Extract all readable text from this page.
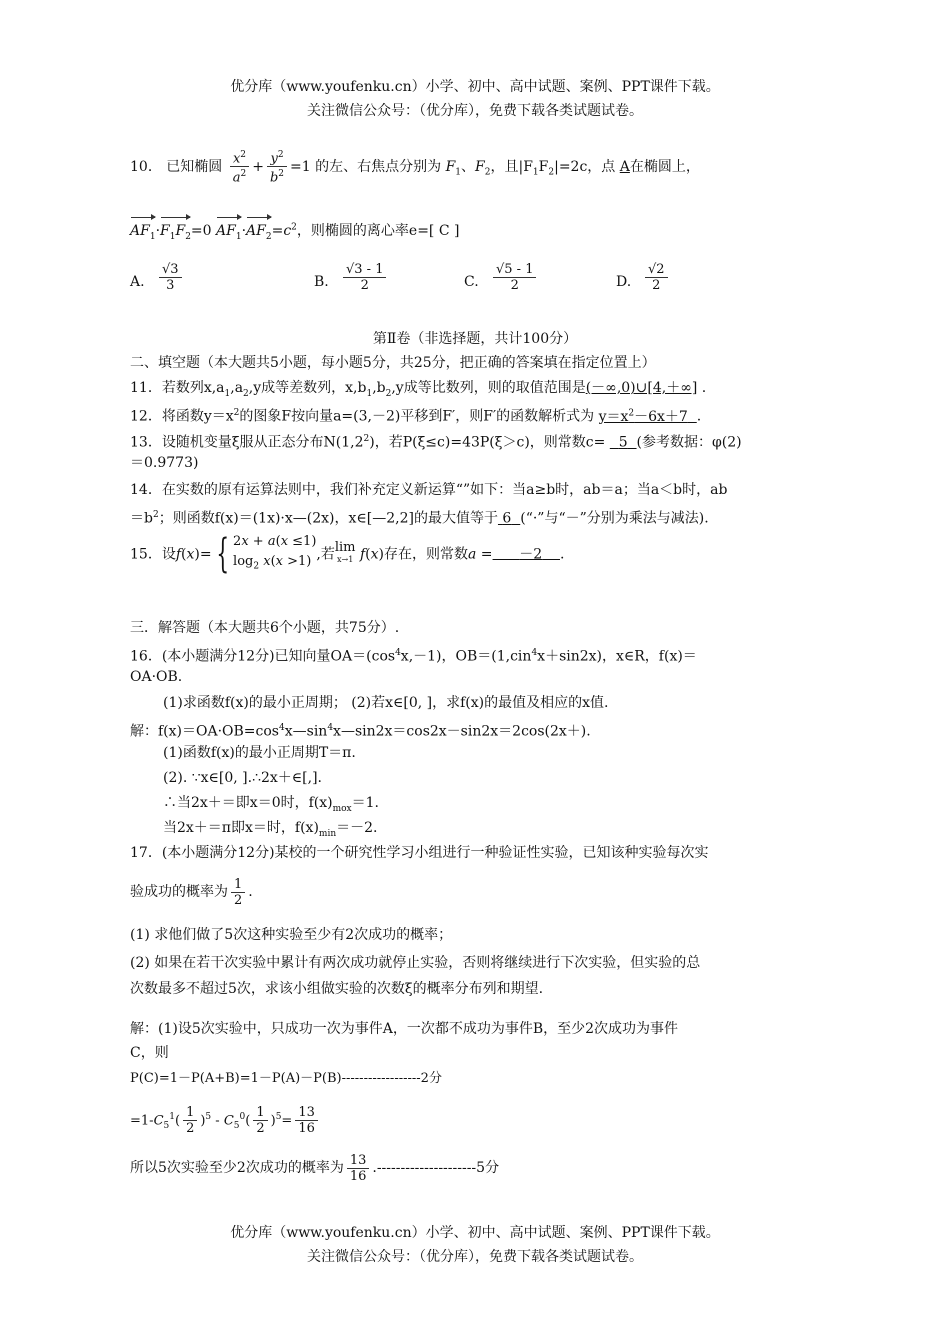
优分库（www.youfenku.cn）小学、初中、高中试题、案例、PPT课件下载。
关注微信公众号：（优分库），免费下载各类试题试卷。
10． 已知椭圆 $\frac{x^2}{a^2} + \frac{y^2}{b^2} =1$ 的左、右焦点分别为 $F_1$、$F_2$，且$|F_1F_2|=2c$，点 A在椭圆上，
$AF_1\cdot F_1F_2=0$ $AF_1\cdot AF_2=c^2$，则椭圆的离心率e=[ C ]
A. $\frac{√3}{3}$	B. $\frac{√3 - 1}{2}$	C. $\frac{√5 - 1}{2}$	D. $\frac{√2}{2}$
第Ⅱ卷（非选择题，共计100分）
二、填空题（本大题共5小题，每小题5分，共25分，把正确的答案填在指定位置上）
11．若数列$x,a_1,a_2,y$成等差数列，$x,b_1,b_2,y$成等比数列，则的取值范围是(－∞,0)∪[4,＋∞] .
12．将函数$y=x^2$的图象F按向量a=(3,－2)平移到F′，则F′的函数解析式为 $y=x^2-6x+7$ .
13．设随机变量ξ服从正态分布$N(1,2^2)$，若P(ξ≤c)=43P(ξ＞c)，则常数c= 5 (参考数据：φ(2)
＝0.9773)
14．在实数的原有运算法则中，我们补充定义新运算“”如下：当a≥b时，ab＝a；当a＜b时，ab
$=b^2$；则函数f(x)＝(1x)·x—(2x)，x∈[—2,2]的最大值等于 6 (“·”与“－”分别为乘法与减法).
15．设f(x)= { 2x + a(x ≤1)
$\log_2 x(x >1)$ ,若lim
x→1 f(x)存在，则常数a = －2 .
三．解答题（本大题共6个小题，共75分）.
16．(本小题满分12分)已知向量$OA=(\cos^4x,-1)$，OB＝(1,cin$^4$x＋sin2x)，x∈R，f(x)＝
OA·OB.
(1)求函数f(x)的最小正周期； (2)若x∈[0, ]，求f(x)的最值及相应的x值.
解：$f(x)=OA\cdot OB=\cos^4x—\sin^4x—\sin 2x=\cos 2x-\sin 2x=2\cos(2x+)$.
(1)函数f(x)的最小正周期T＝π.
(2). ∵x∈[0, ].∴2x＋∈[,].
∴当2x＋＝即x＝0时，$f(x)_{mox}=1$.
当2x＋＝π即x＝时，$f(x)_{min}=-2$.
17．(本小题满分12分)某校的一个研究性学习小组进行一种验证性实验，已知该种实验每次实
验成功的概率为 $\frac{1}{2}$ .
(1) 求他们做了5次这种实验至少有2次成功的概率；
(2) 如果在若干次实验中累计有两次成功就停止实验，否则将继续进行下次实验，但实验的总
次数最多不超过5次，求该小组做实验的次数ξ的概率分布列和期望.
解：(1)设5次实验中，只成功一次为事件A，一次都不成功为事件B，至少2次成功为事件
C，则
P(C)=1－P(A+B)=1－P(A)－P(B)------------------2分
$=1-C_5^1( \frac{1}{2} )^5 - C_5^0( \frac{1}{2} )^5= \frac{13}{16}$
所以5次实验至少2次成功的概率为 $\frac{13}{16} .---------------------5$分
优分库（www.youfenku.cn）小学、初中、高中试题、案例、PPT课件下载。
关注微信公众号：（优分库），免费下载各类试题试卷。
